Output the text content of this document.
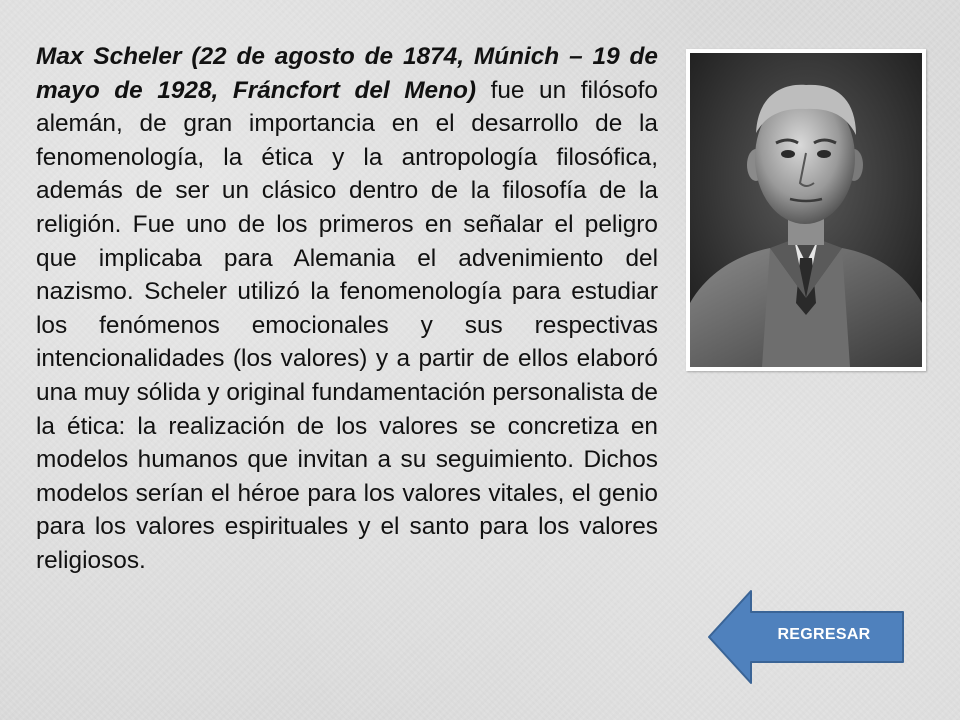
Max Scheler (22 de agosto de 1874, Múnich – 19 de mayo de 1928, Fráncfort del Meno) fue un filósofo alemán, de gran importancia en el desarrollo de la fenomenología, la ética y la antropología filosófica, además de ser un clásico dentro de la filosofía de la religión. Fue uno de los primeros en señalar el peligro que implicaba para Alemania el advenimiento del nazismo. Scheler utilizó la fenomenología para estudiar los fenómenos emocionales y sus respectivas intencionalidades (los valores) y a partir de ellos elaboró una muy sólida y original fundamentación personalista de la ética: la realización de los valores se concretiza en modelos humanos que invitan a su seguimiento. Dichos modelos serían el héroe para los valores vitales, el genio para los valores espirituales y el santo para los valores religiosos.

REGRESAR
